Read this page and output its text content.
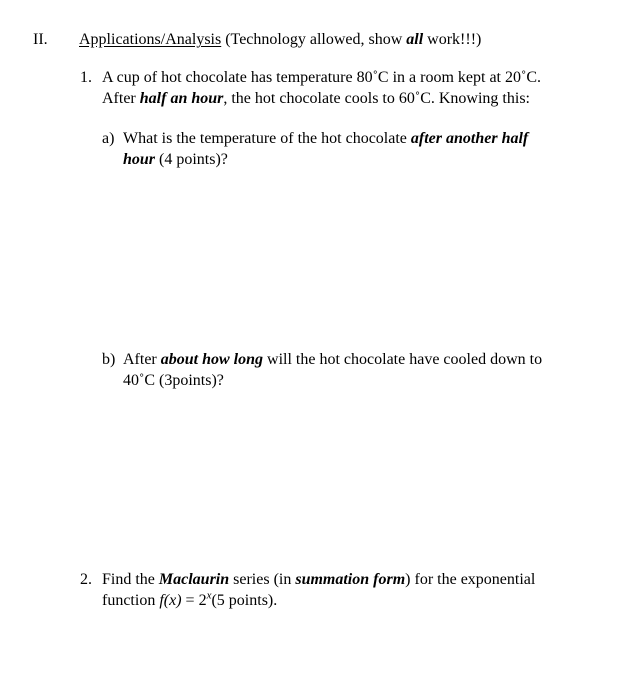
II. Applications/Analysis (Technology allowed, show all work!!!)
1. A cup of hot chocolate has temperature 80˚C in a room kept at 20˚C.
After half an hour, the hot chocolate cools to 60˚C. Knowing this:
a) What is the temperature of the hot chocolate after another half
hour (4 points)?
b) After about how long will the hot chocolate have cooled down to
40˚C (3points)?
2. Find the Maclaurin series (in summation form) for the exponential
function $f(x) = 2^x(5$ points).
